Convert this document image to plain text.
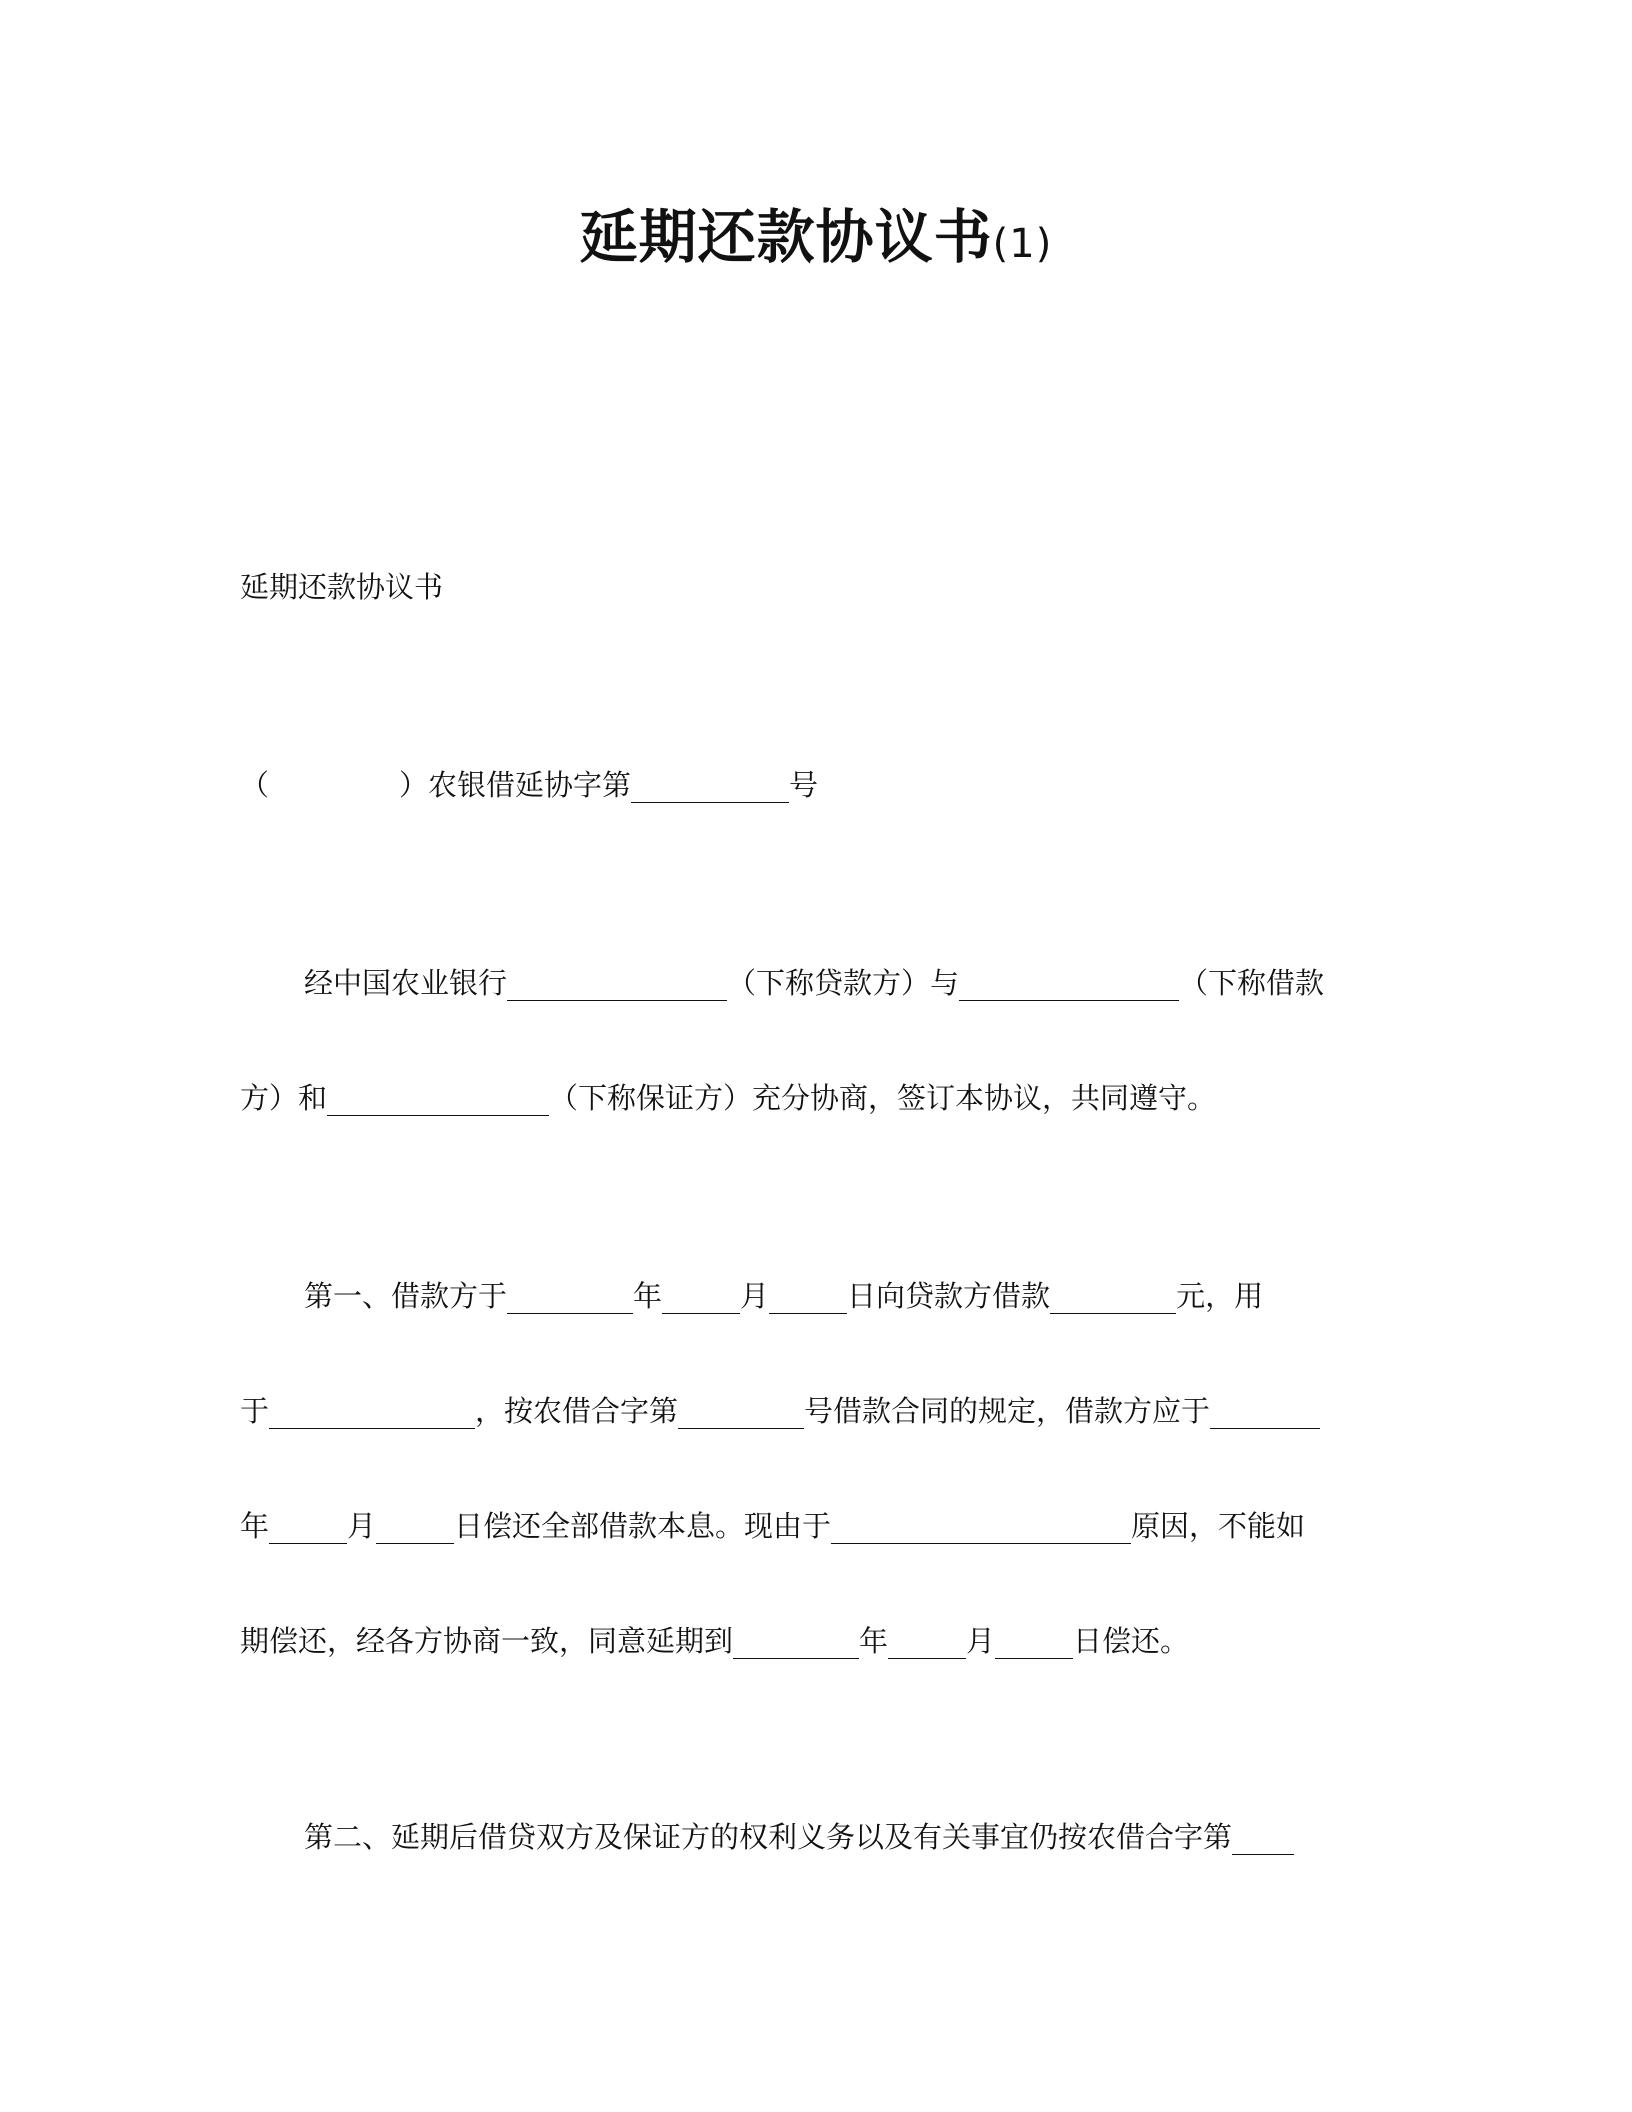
延期还款协议书(1)
延期还款协议书
（	）农银借延协字第	号
经中国农业银行	（下称贷款方）与	（下称借款
方）和	（下称保证方）充分协商，签订本协议，共同遵守。
第一、借款方于	年	月	日向贷款方借款	元，用
于	，按农借合字第	号借款合同的规定，借款方应于
年	月	日偿还全部借款本息。现由于	原因，不能如
期偿还，经各方协商一致，同意延期到	年	月	日偿还。
第二、延期后借贷双方及保证方的权利义务以及有关事宜仍按农借合字第
